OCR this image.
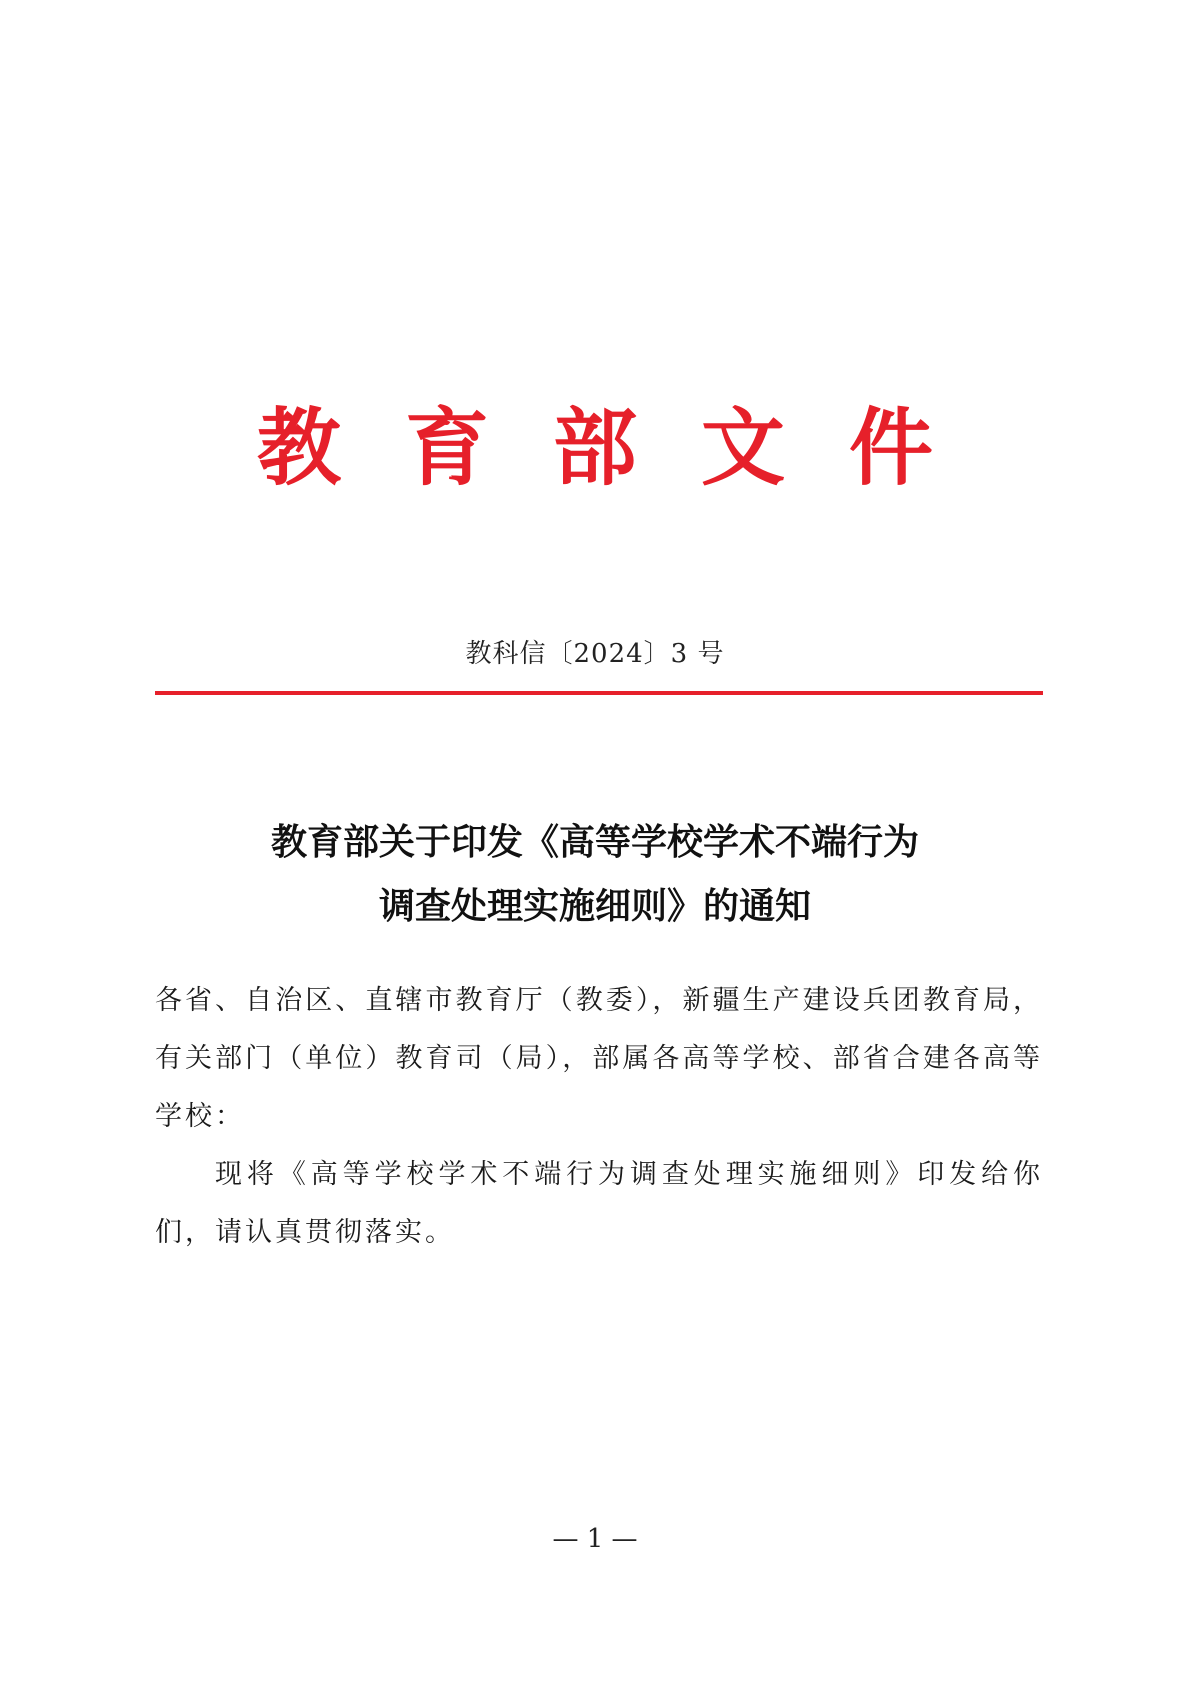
教 育 部 文 件
教科信〔2024〕3 号
教育部关于印发《高等学校学术不端行为
调查处理实施细则》的通知

各省、自治区、直辖市教育厅（教委），新疆生产建设兵团教育局，有关部门（单位）教育司（局），部属各高等学校、部省合建各高等学校：

现将《高等学校学术不端行为调查处理实施细则》印发给你们，请认真贯彻落实。

— 1 —
